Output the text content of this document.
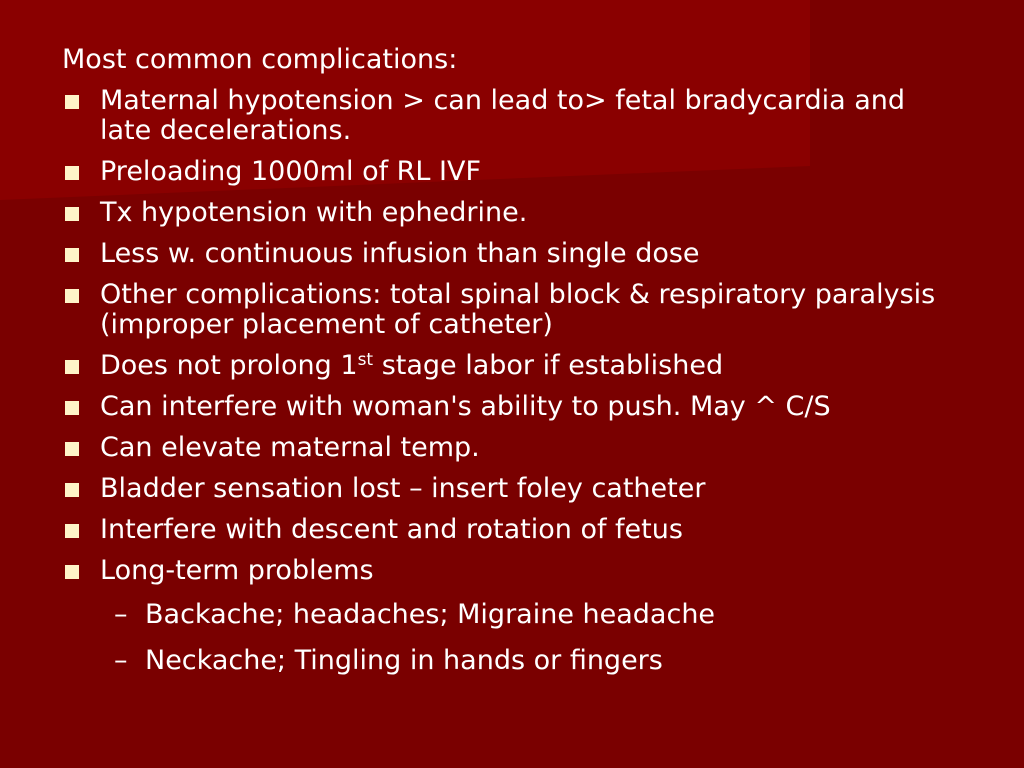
Most common complications:
Maternal hypotension > can lead to> fetal bradycardia and late decelerations.
Preloading 1000ml of RL IVF
Tx hypotension with ephedrine.
Less w. continuous infusion than single dose
Other complications: total spinal block & respiratory paralysis (improper placement of catheter)
Does not prolong 1st stage labor if established
Can interfere with woman's ability to push. May ^ C/S
Can elevate maternal temp.
Bladder sensation lost – insert foley catheter
Interfere with descent and rotation of fetus
Long-term problems
– Backache; headaches; Migraine headache
– Neckache; Tingling in hands or fingers
